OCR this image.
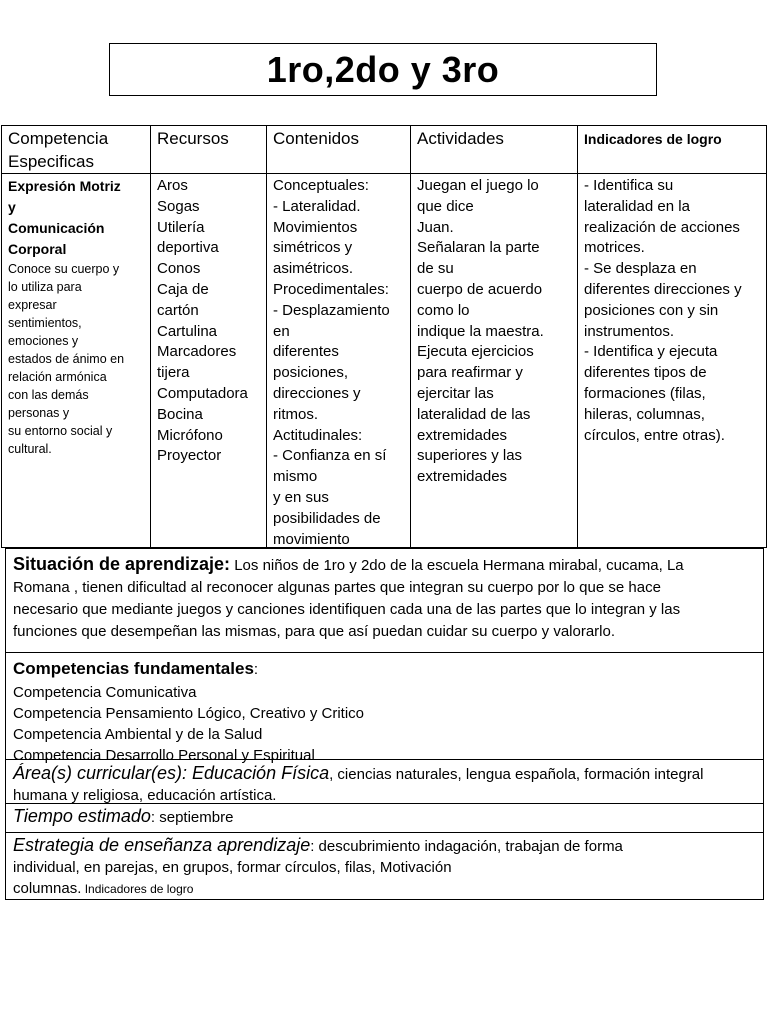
1ro,2do y 3ro
Competencia
Especificas
Expresión Motriz
y
Comunicación
Corporal
Conoce su cuerpo y
lo utiliza para
expresar
sentimientos,
emociones y
estados de ánimo en
relación armónica
con las demás
personas y
su entorno social y
cultural.
Recursos
Aros
Sogas
Utilería
deportiva
Conos
Caja de
cartón
Cartulina
Marcadores
tijera
Computadora
Bocina
Micrófono
Proyector
Contenidos
Conceptuales:
- Lateralidad.
Movimientos
simétricos y
asimétricos.
Procedimentales:
- Desplazamiento
en
diferentes
posiciones,
direcciones y
ritmos.
Actitudinales:
- Confianza en sí
mismo
y en sus
posibilidades de
movimiento
Actividades
Juegan el juego lo
que dice
Juan.
Señalaran la parte
de su
cuerpo de acuerdo
como lo
indique la maestra.
Ejecuta ejercicios
para reafirmar y
ejercitar las
lateralidad de las
extremidades
superiores y las
extremidades
Indicadores de logro
- Identifica su
lateralidad en la
realización de acciones
motrices.
- Se desplaza en
diferentes direcciones y
posiciones con y sin
instrumentos.
- Identifica y ejecuta
diferentes tipos de
formaciones (filas,
hileras, columnas,
círculos, entre otras).
Situación de aprendizaje: Los niños de 1ro y 2do de la escuela Hermana mirabal, cucama, La
Romana , tienen dificultad al reconocer algunas partes que integran su cuerpo por lo que se hace
necesario que mediante juegos y canciones identifiquen cada una de las partes que lo integran y las
funciones que desempeñan las mismas, para que así puedan cuidar su cuerpo y valorarlo.
Competencias fundamentales:
Competencia Comunicativa
Competencia Pensamiento Lógico, Creativo y Critico
Competencia Ambiental y de la Salud
Competencia Desarrollo Personal y Espiritual
Área(s) curricular(es): Educación Física, ciencias naturales, lengua española, formación integral
humana y religiosa, educación artística.
Tiempo estimado: septiembre
Estrategia de enseñanza aprendizaje: descubrimiento indagación, trabajan de forma
individual, en parejas, en grupos, formar círculos, filas, Motivación
columnas. Indicadores de logro
